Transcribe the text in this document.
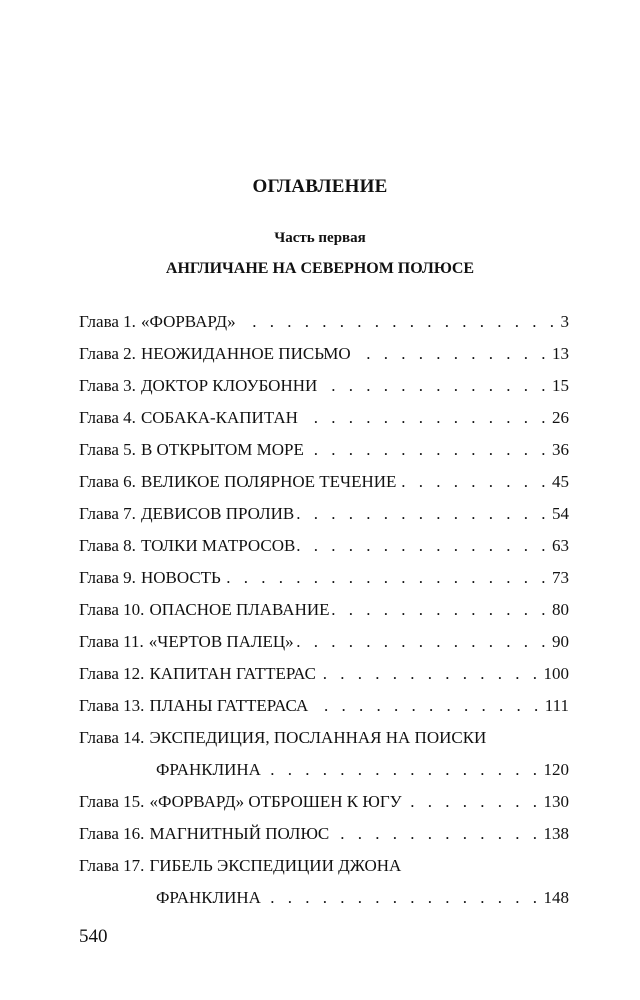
ОГЛАВЛЕНИЕ
Часть первая
АНГЛИЧАНЕ НА СЕВЕРНОМ ПОЛЮСЕ
Глава 1. «ФОРВАРД» . . .	3
Глава 2. НЕОЖИДАННОЕ ПИСЬМО . . .	13
Глава 3. ДОКТОР КЛОУБОННИ . . .	15
Глава 4. СОБАКА-КАПИТАН . . .	26
Глава 5. В ОТКРЫТОМ МОРЕ . . .	36
Глава 6. ВЕЛИКОЕ ПОЛЯРНОЕ ТЕЧЕНИЕ . . .	45
Глава 7. ДЕВИСОВ ПРОЛИВ . . .	54
Глава 8. ТОЛКИ МАТРОСОВ . . .	63
Глава 9. НОВОСТЬ . . .	73
Глава 10. ОПАСНОЕ ПЛАВАНИЕ . . .	80
Глава 11. «ЧЕРТОВ ПАЛЕЦ» . . .	90
Глава 12. КАПИТАН ГАТТЕРАС . . .	100
Глава 13. ПЛАНЫ ГАТТЕРАСА . . .	111
Глава 14. ЭКСПЕДИЦИЯ, ПОСЛАННАЯ НА ПОИСКИ
ФРАНКЛИНА . . .	120
Глава 15. «ФОРВАРД» ОТБРОШЕН К ЮГУ . . .	130
Глава 16. МАГНИТНЫЙ ПОЛЮС . . .	138
Глава 17. ГИБЕЛЬ ЭКСПЕДИЦИИ ДЖОНА
ФРАНКЛИНА . . .	148
540
